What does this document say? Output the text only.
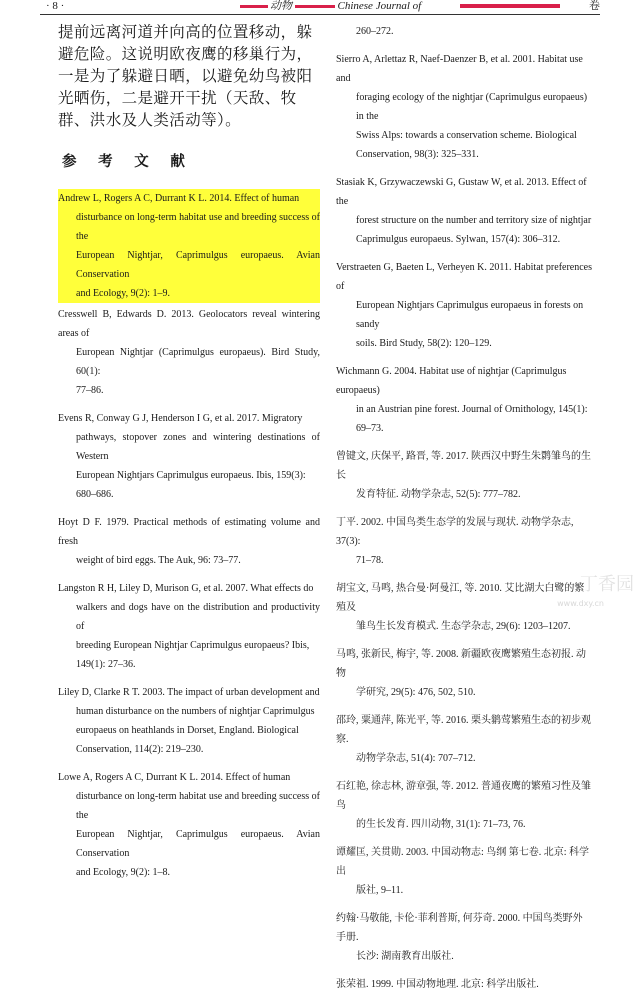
· 8 ·	动物	Chinese Journal of	卷

提前远离河道并向高的位置移动，躲避危险。这说明欧夜鹰的移巢行为，一是为了躲避日晒，以避免幼鸟被阳光晒伤，二是避开干扰（天敌、牧群、洪水及人类活动等）。

参 考 文 献
Andrew L, Rogers A C, Durrant K L. 2014. Effect of human
disturbance on long-term habitat use and breeding success of the
European Nightjar, Caprimulgus europaeus. Avian Conservation
and Ecology, 9(2): 1–9.
Cresswell B, Edwards D. 2013. Geolocators reveal wintering areas of
European Nightjar (Caprimulgus europaeus). Bird Study, 60(1):
77–86.
Evens R, Conway G J, Henderson I G, et al. 2017. Migratory
pathways, stopover zones and wintering destinations of Western
European Nightjars Caprimulgus europaeus. Ibis, 159(3):
680–686.
Hoyt D F. 1979. Practical methods of estimating volume and fresh
weight of bird eggs. The Auk, 96: 73–77.
Langston R H, Liley D, Murison G, et al. 2007. What effects do
walkers and dogs have on the distribution and productivity of
breeding European Nightjar Caprimulgus europaeus? Ibis,
149(1): 27–36.
Liley D, Clarke R T. 2003. The impact of urban development and
human disturbance on the numbers of nightjar Caprimulgus
europaeus on heathlands in Dorset, England. Biological
Conservation, 114(2): 219–230.
Lowe A, Rogers A C, Durrant K L. 2014. Effect of human
disturbance on long-term habitat use and breeding success of the
European Nightjar, Caprimulgus europaeus. Avian Conservation
and Ecology, 9(2): 1–8.
260–272.
Sierro A, Arlettaz R, Naef-Daenzer B, et al. 2001. Habitat use and
foraging ecology of the nightjar (Caprimulgus europaeus) in the
Swiss Alps: towards a conservation scheme. Biological
Conservation, 98(3): 325–331.
Stasiak K, Grzywaczewski G, Gustaw W, et al. 2013. Effect of the
forest structure on the number and territory size of nightjar
Caprimulgus europaeus. Sylwan, 157(4): 306–312.
Verstraeten G, Baeten L, Verheyen K. 2011. Habitat preferences of
European Nightjars Caprimulgus europaeus in forests on sandy
soils. Bird Study, 58(2): 120–129.
Wichmann G. 2004. Habitat use of nightjar (Caprimulgus europaeus)
in an Austrian pine forest. Journal of Ornithology, 145(1):
69–73.
曾键文, 庆保平, 路晋, 等. 2017. 陕西汉中野生朱鹮雏鸟的生长
发育特征. 动物学杂志, 52(5): 777–782.
丁平. 2002. 中国鸟类生态学的发展与现状. 动物学杂志, 37(3):
71–78.
胡宝文, 马鸣, 热合曼·阿曼江, 等. 2010. 艾比湖大白鹭的繁殖及
雏鸟生长发育模式. 生态学杂志, 29(6): 1203–1207.
马鸣, 张新民, 梅宇, 等. 2008. 新疆欧夜鹰繁殖生态初报. 动物
学研究, 29(5): 476, 502, 510.
邵玲, 粟通萍, 陈光平, 等. 2016. 栗头鹟莺繁殖生态的初步观察.
动物学杂志, 51(4): 707–712.
石红艳, 徐志林, 游章强, 等. 2012. 普通夜鹰的繁殖习性及雏鸟
的生长发育. 四川动物, 31(1): 71–73, 76.
谭耀匡, 关贯勋. 2003. 中国动物志: 鸟纲 第七卷. 北京: 科学出
版社, 9–11.
约翰·马敬能, 卡伦·菲利普斯, 何芬奇. 2000. 中国鸟类野外手册.
长沙: 湖南教育出版社.
张荣祖. 1999. 中国动物地理. 北京: 科学出版社.
丁香园
www.dxy.cn
